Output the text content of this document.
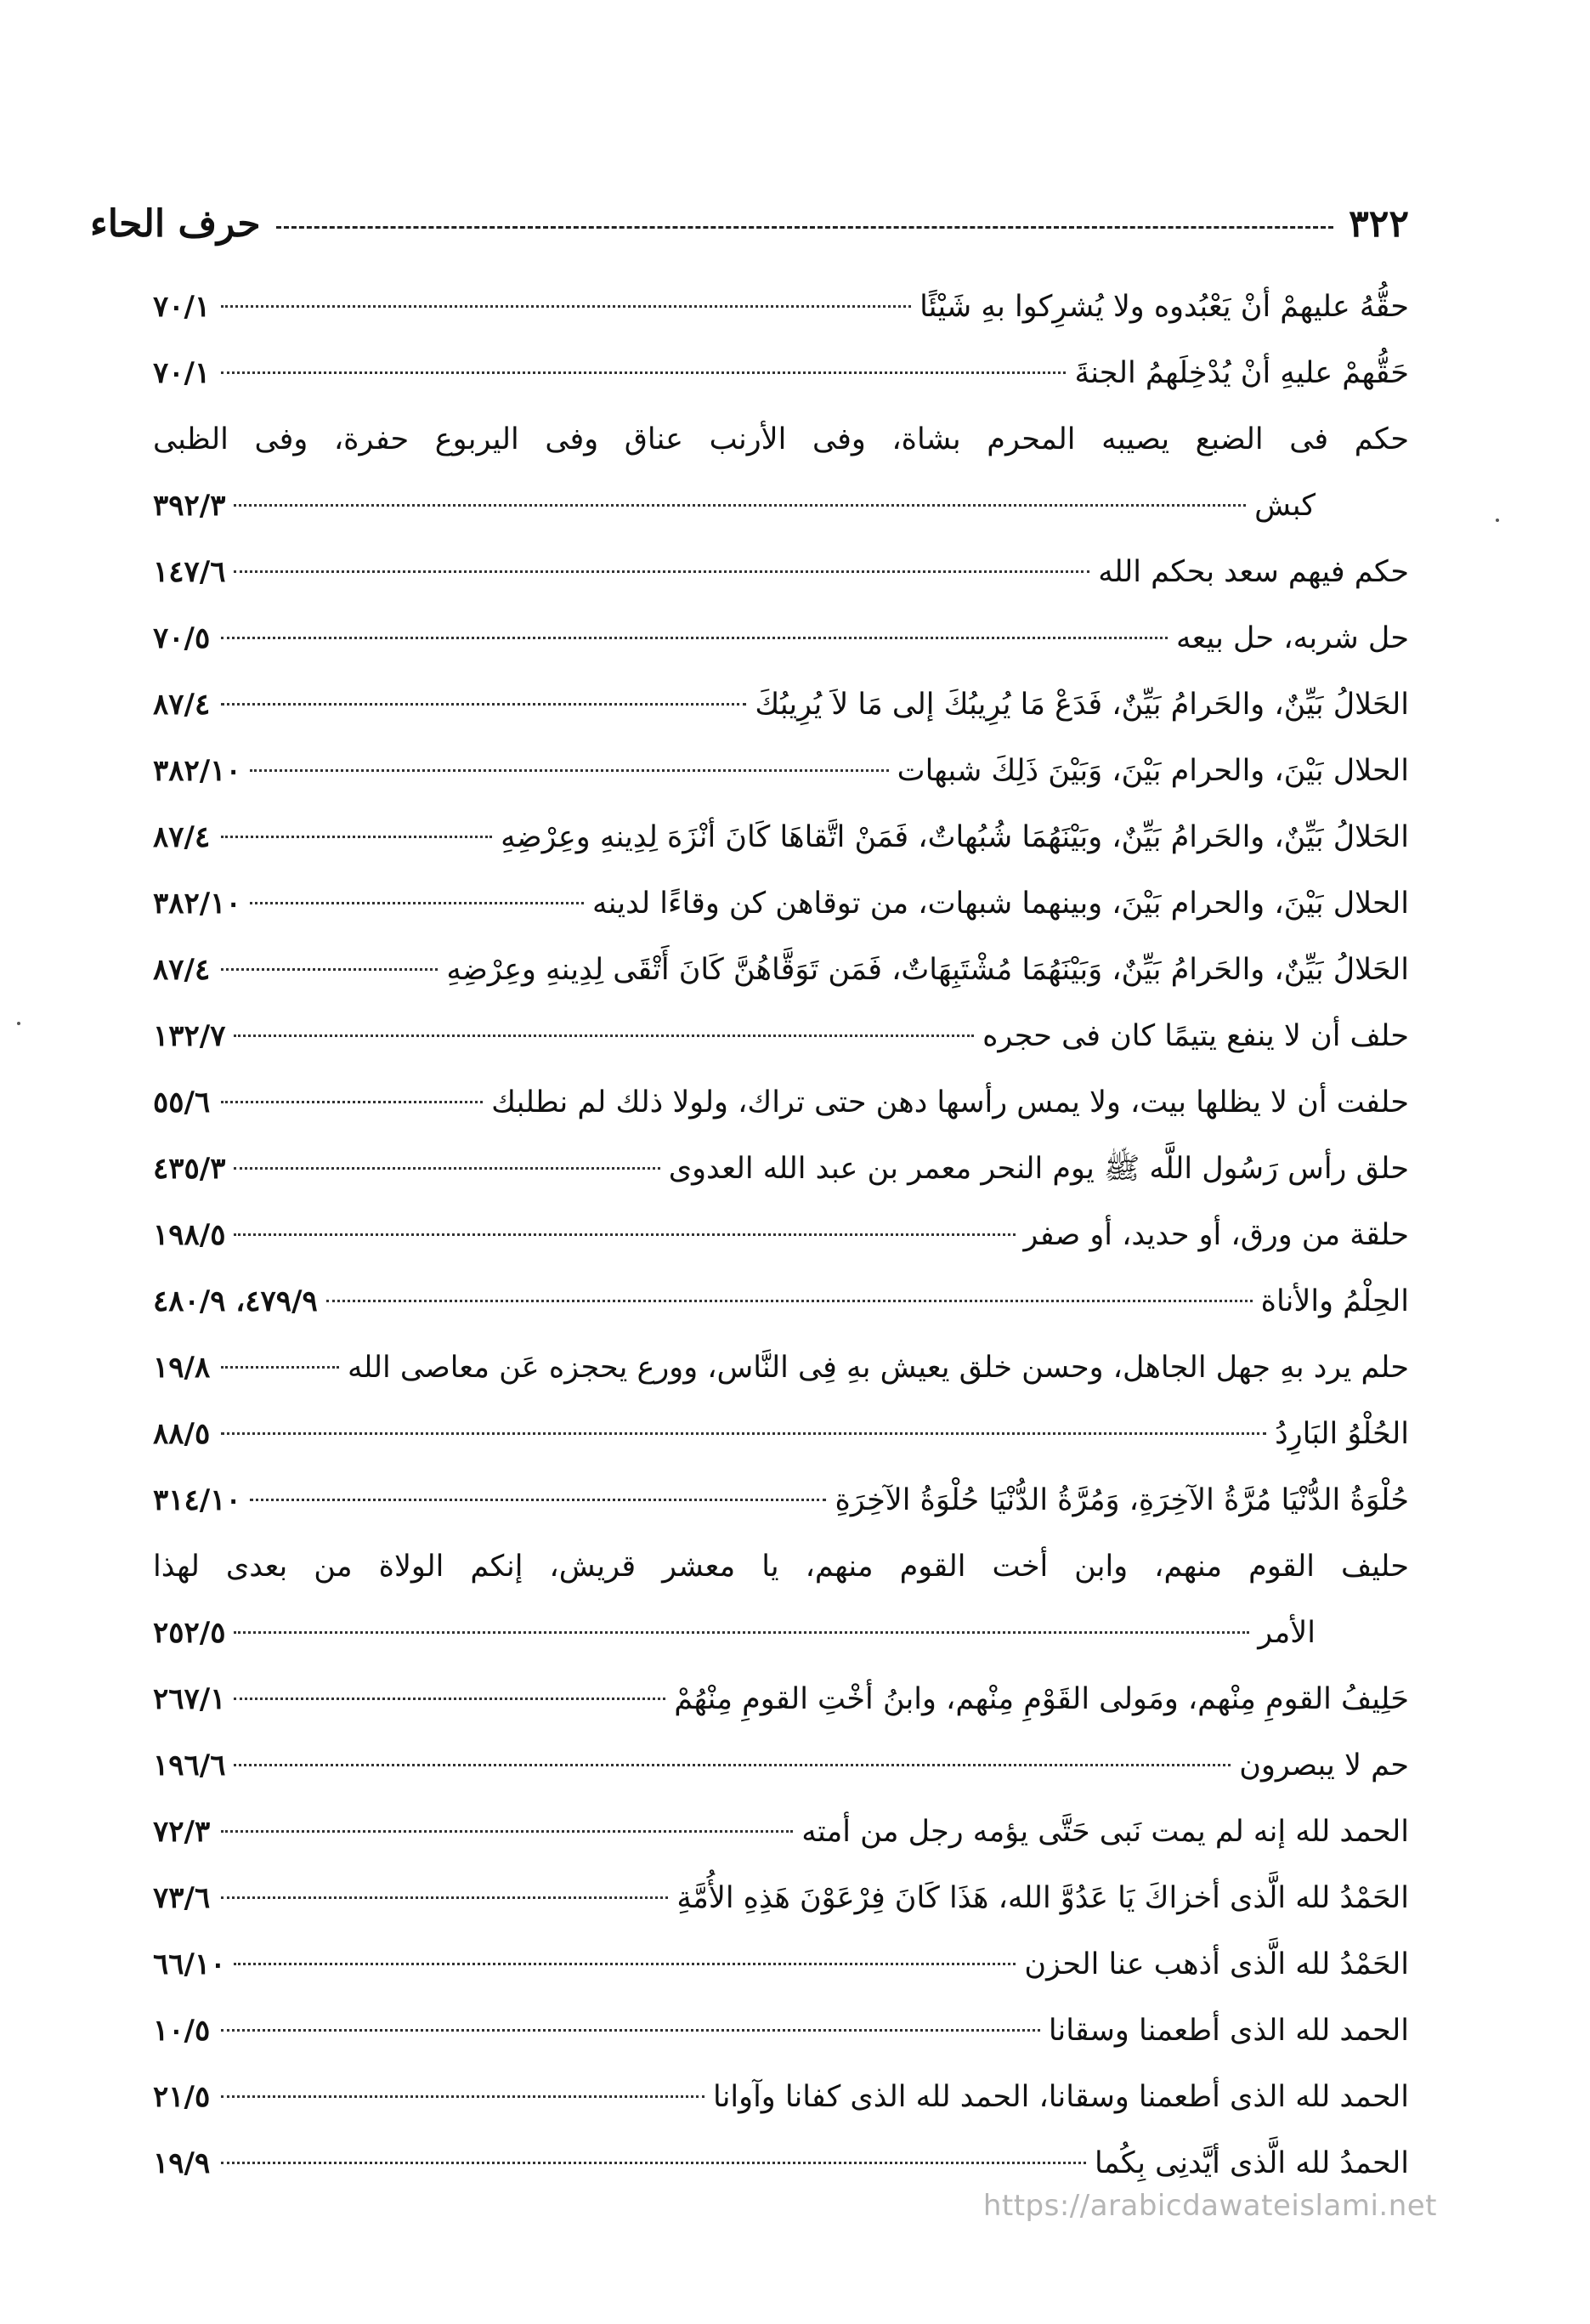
٣٢٢
حرف الحاء
حقُّهُ عليهمْ أنْ يَعْبُدوه ولا يُشرِكوا بهِ شَيْئًا
٧٠/١
حَقُّهمْ عليهِ أنْ يُدْخِلَهمُ الجنةَ
٧٠/١
حكم فى الضبع يصيبه المحرم بشاة، وفى الأرنب عناق وفى اليربوع حفرة، وفى الظبى
كبش
٣٩٢/٣
حكم فيهم سعد بحكم الله
١٤٧/٦
حل شربه، حل بيعه
٧٠/٥
الحَلالُ بَيِّنٌ، والحَرامُ بَيِّنٌ، فَدَعْ مَا يُرِيبُكَ إلى مَا لاَ يُرِيبُكَ
٨٧/٤
الحلال بَيْنَ، والحرام بَيْنَ، وَبَيْنَ ذَلِكَ شبهات
٣٨٢/١٠
الحَلالُ بَيِّنٌ، والحَرامُ بَيِّنٌ، وبَيْنَهُمَا شُبُهاتٌ، فَمَنْ اتَّقاهَا كَانَ أنْزَهَ لِدِينهِ وعِرْضِهِ
٨٧/٤
الحلال بَيْنَ، والحرام بَيْنَ، وبينهما شبهات، من توقاهن كن وقاءًا لدينه
٣٨٢/١٠
الحَلالُ بَيِّنٌ، والحَرامُ بَيِّنٌ، وَبَيْنَهُمَا مُشْتَبِهَاتٌ، فَمَن تَوَقَّاهُنَّ كَانَ أَتْقَى لِدِينهِ وعِرْضِهِ
٨٧/٤
حلف أن لا ينفع يتيمًا كان فى حجره
١٣٢/٧
حلفت أن لا يظلها بيت، ولا يمس رأسها دهن حتى تراك، ولولا ذلك لم نطلبك
٥٥/٦
حلق رأس رَسُول اللَّه ﷺ يوم النحر معمر بن عبد الله العدوى
٤٣٥/٣
حلقة من ورق، أو حديد، أو صفر
١٩٨/٥
الحِلْمُ والأناة
٤٧٩/٩، ٤٨٠/٩
حلم يرد بهِ جهل الجاهل، وحسن خلق يعيش بهِ فِى النَّاس، وورع يحجزه عَن معاصى الله
١٩/٨
الحُلْوُ البَارِدُ
٨٨/٥
حُلْوَةُ الدُّنْيَا مُرَّةُ الآخِرَةِ، وَمُرَّةُ الدُّنْيَا حُلْوَةُ الآخِرَةِ
٣١٤/١٠
حليف القوم منهم، وابن أخت القوم منهم، يا معشر قريش، إنكم الولاة من بعدى لهذا
الأمر
٢٥٢/٥
حَلِيفُ القومِ مِنْهم، ومَولى القَوْمِ مِنْهم، وابنُ أخْتِ القومِ مِنْهُمْ
٢٦٧/١
حم لا يبصرون
١٩٦/٦
الحمد لله إنه لم يمت نَبى حَتَّى يؤمه رجل من أمته
٧٢/٣
الحَمْدُ لله الَّذى أخزاكَ يَا عَدُوَّ الله، هَذَا كَانَ فِرْعَوْنَ هَذِهِ الأُمَّةِ
٧٣/٦
الحَمْدُ لله الَّذى أذهب عنا الحزن
٦٦/١٠
الحمد لله الذى أطعمنا وسقانا
١٠/٥
الحمد لله الذى أطعمنا وسقانا، الحمد لله الذى كفانا وآوانا
٢١/٥
الحمدُ لله الَّذى أيَّدنِى بِكُما
١٩/٩
https://arabicdawateislami.net
